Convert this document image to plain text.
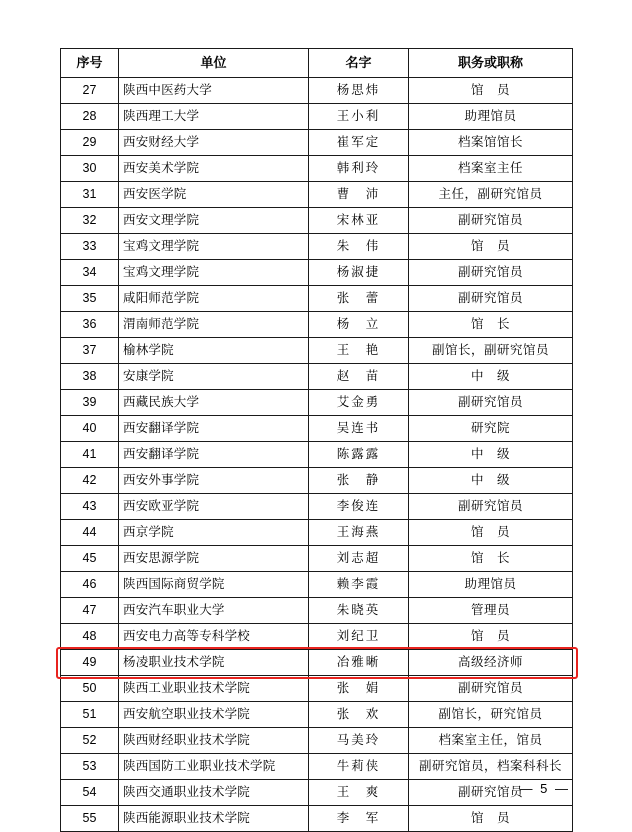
序号	单位	名字	职务或职称
27	陕西中医药大学	杨思炜	馆　员
28	陕西理工大学	王小利	助理馆员
29	西安财经大学	崔军定	档案馆馆长
30	西安美术学院	韩利玲	档案室主任
31	西安医学院	曹　沛	主任，副研究馆员
32	西安文理学院	宋林亚	副研究馆员
33	宝鸡文理学院	朱　伟	馆　员
34	宝鸡文理学院	杨淑捷	副研究馆员
35	咸阳师范学院	张　蕾	副研究馆员
36	渭南师范学院	杨　立	馆　长
37	榆林学院	王　艳	副馆长，副研究馆员
38	安康学院	赵　苗	中　级
39	西藏民族大学	艾金勇	副研究馆员
40	西安翻译学院	吴连书	研究院
41	西安翻译学院	陈露露	中　级
42	西安外事学院	张　静	中　级
43	西安欧亚学院	李俊连	副研究馆员
44	西京学院	王海燕	馆　员
45	西安思源学院	刘志超	馆　长
46	陕西国际商贸学院	赖李霞	助理馆员
47	西安汽车职业大学	朱晓英	管理员
48	西安电力高等专科学校	刘纪卫	馆　员
49	杨凌职业技术学院	冶雅晰	高级经济师
50	陕西工业职业技术学院	张　娟	副研究馆员
51	西安航空职业技术学院	张　欢	副馆长，研究馆员
52	陕西财经职业技术学院	马美玲	档案室主任，馆员
53	陕西国防工业职业技术学院	牛莉侠	副研究馆员，档案科科长
54	陕西交通职业技术学院	王　爽	副研究馆员
55	陕西能源职业技术学院	李　军	馆　员
— 5 —
